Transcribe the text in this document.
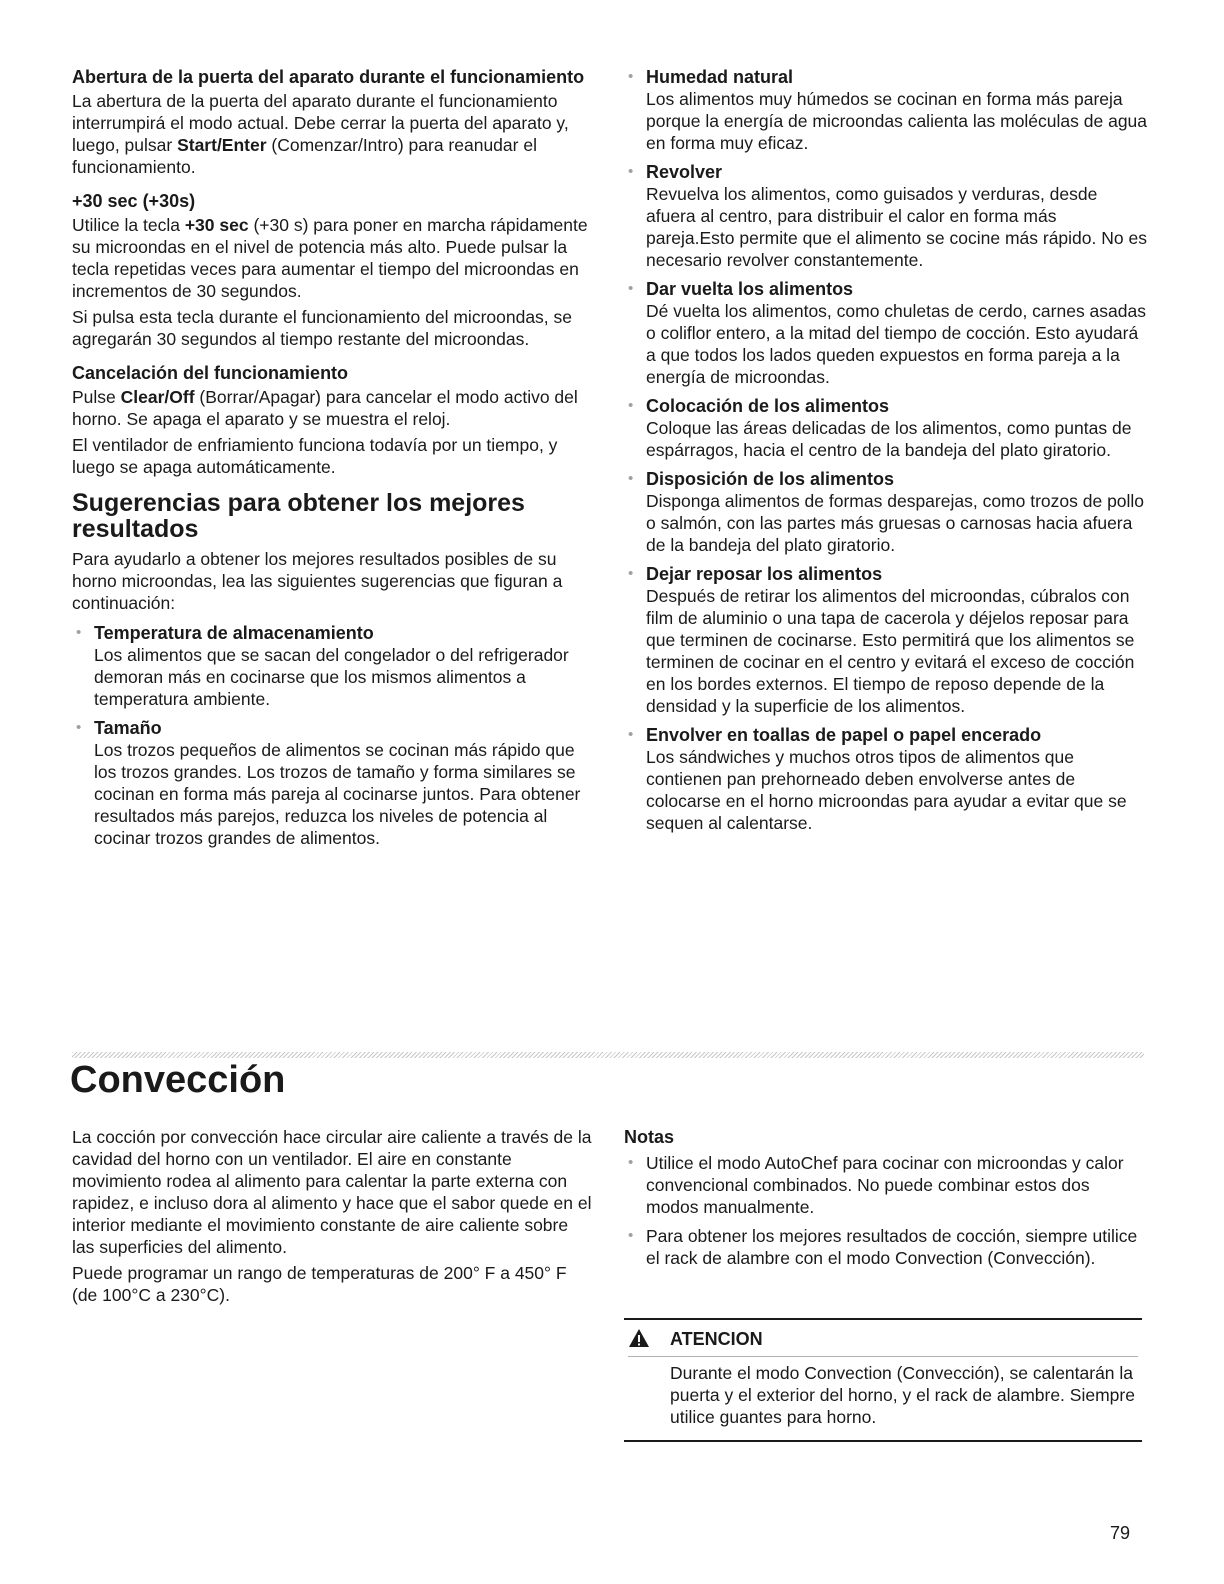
Abertura de la puerta del aparato durante el funcionamiento
La abertura de la puerta del aparato durante el funcionamiento interrumpirá el modo actual. Debe cerrar la puerta del aparato y, luego, pulsar Start/Enter (Comenzar/Intro) para reanudar el funcionamiento.
+30 sec (+30s)
Utilice la tecla +30 sec (+30 s) para poner en marcha rápidamente su microondas en el nivel de potencia más alto. Puede pulsar la tecla repetidas veces para aumentar el tiempo del microondas en incrementos de 30 segundos.
Si pulsa esta tecla durante el funcionamiento del microondas, se agregarán 30 segundos al tiempo restante del microondas.
Cancelación del funcionamiento
Pulse Clear/Off (Borrar/Apagar) para cancelar el modo activo del horno. Se apaga el aparato y se muestra el reloj.
El ventilador de enfriamiento funciona todavía por un tiempo, y luego se apaga automáticamente.
Sugerencias para obtener los mejores resultados
Para ayudarlo a obtener los mejores resultados posibles de su horno microondas, lea las siguientes sugerencias que figuran a continuación:
• Temperatura de almacenamiento
Los alimentos que se sacan del congelador o del refrigerador demoran más en cocinarse que los mismos alimentos a temperatura ambiente.
• Tamaño
Los trozos pequeños de alimentos se cocinan más rápido que los trozos grandes. Los trozos de tamaño y forma similares se cocinan en forma más pareja al cocinarse juntos. Para obtener resultados más parejos, reduzca los niveles de potencia al cocinar trozos grandes de alimentos.
• Humedad natural
Los alimentos muy húmedos se cocinan en forma más pareja porque la energía de microondas calienta las moléculas de agua en forma muy eficaz.
• Revolver
Revuelva los alimentos, como guisados y verduras, desde afuera al centro, para distribuir el calor en forma más pareja.Esto permite que el alimento se cocine más rápido. No es necesario revolver constantemente.
• Dar vuelta los alimentos
Dé vuelta los alimentos, como chuletas de cerdo, carnes asadas o coliflor entero, a la mitad del tiempo de cocción. Esto ayudará a que todos los lados queden expuestos en forma pareja a la energía de microondas.
• Colocación de los alimentos
Coloque las áreas delicadas de los alimentos, como puntas de espárragos, hacia el centro de la bandeja del plato giratorio.
• Disposición de los alimentos
Disponga alimentos de formas desparejas, como trozos de pollo o salmón, con las partes más gruesas o carnosas hacia afuera de la bandeja del plato giratorio.
• Dejar reposar los alimentos
Después de retirar los alimentos del microondas, cúbralos con film de aluminio o una tapa de cacerola y déjelos reposar para que terminen de cocinarse. Esto permitirá que los alimentos se terminen de cocinar en el centro y evitará el exceso de cocción en los bordes externos. El tiempo de reposo depende de la densidad y la superficie de los alimentos.
• Envolver en toallas de papel o papel encerado
Los sándwiches y muchos otros tipos de alimentos que contienen pan prehorneado deben envolverse antes de colocarse en el horno microondas para ayudar a evitar que se sequen al calentarse.
Convección
La cocción por convección hace circular aire caliente a través de la cavidad del horno con un ventilador. El aire en constante movimiento rodea al alimento para calentar la parte externa con rapidez, e incluso dora al alimento y hace que el sabor quede en el interior mediante el movimiento constante de aire caliente sobre las superficies del alimento.
Puede programar un rango de temperaturas de 200° F a 450° F (de 100°C a 230°C).
Notas
• Utilice el modo AutoChef para cocinar con microondas y calor convencional combinados. No puede combinar estos dos modos manualmente.
• Para obtener los mejores resultados de cocción, siempre utilice el rack de alambre con el modo Convection (Convección).
ATENCION
Durante el modo Convection (Convección), se calentarán la puerta y el exterior del horno, y el rack de alambre. Siempre utilice guantes para horno.
79
